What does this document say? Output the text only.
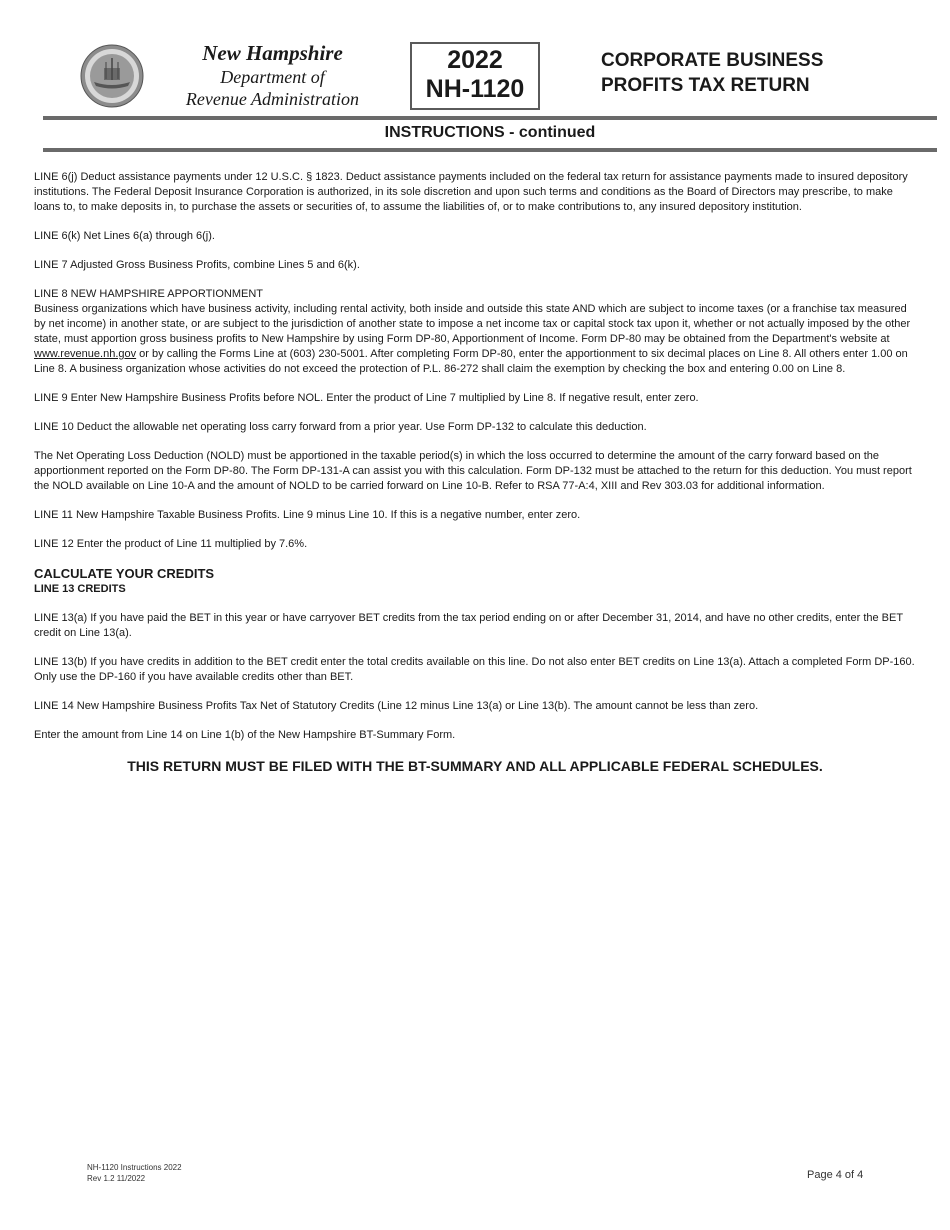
New Hampshire
Department of
Revenue Administration
2022
NH-1120
CORPORATE BUSINESS
PROFITS TAX RETURN
INSTRUCTIONS - continued

LINE 6(j) Deduct assistance payments under 12 U.S.C. § 1823. Deduct assistance payments included on the federal tax return for assistance payments made to insured depository institutions. The Federal Deposit Insurance Corporation is authorized, in its sole discretion and upon such terms and conditions as the Board of Directors may prescribe, to make loans to, to make deposits in, to purchase the assets or securities of, to assume the liabilities of, or to make contributions to, any insured depository institution.

LINE 6(k) Net Lines 6(a) through 6(j).

LINE 7 Adjusted Gross Business Profits, combine Lines 5 and 6(k).

LINE 8 NEW HAMPSHIRE APPORTIONMENT
Business organizations which have business activity, including rental activity, both inside and outside this state AND which are subject to income taxes (or a franchise tax measured by net income) in another state, or are subject to the jurisdiction of another state to impose a net income tax or capital stock tax upon it, whether or not actually imposed by the other state, must apportion gross business profits to New Hampshire by using Form DP-80, Apportionment of Income. Form DP-80 may be obtained from the Department's website at www.revenue.nh.gov or by calling the Forms Line at (603) 230-5001. After completing Form DP-80, enter the apportionment to six decimal places on Line 8. All others enter 1.00 on Line 8. A business organization whose activities do not exceed the protection of P.L. 86-272 shall claim the exemption by checking the box and entering 0.00 on Line 8.

LINE 9 Enter New Hampshire Business Profits before NOL. Enter the product of Line 7 multiplied by Line 8. If negative result, enter zero.

LINE 10 Deduct the allowable net operating loss carry forward from a prior year. Use Form DP-132 to calculate this deduction.

The Net Operating Loss Deduction (NOLD) must be apportioned in the taxable period(s) in which the loss occurred to determine the amount of the carry forward based on the apportionment reported on the Form DP-80. The Form DP-131-A can assist you with this calculation. Form DP-132 must be attached to the return for this deduction. You must report the NOLD available on Line 10-A and the amount of NOLD to be carried forward on Line 10-B. Refer to RSA 77-A:4, XIII and Rev 303.03 for additional information.

LINE 11 New Hampshire Taxable Business Profits. Line 9 minus Line 10. If this is a negative number, enter zero.

LINE 12 Enter the product of Line 11 multiplied by 7.6%.

CALCULATE YOUR CREDITS
LINE 13 CREDITS

LINE 13(a) If you have paid the BET in this year or have carryover BET credits from the tax period ending on or after December 31, 2014, and have no other credits, enter the BET credit on Line 13(a).

LINE 13(b) If you have credits in addition to the BET credit enter the total credits available on this line. Do not also enter BET credits on Line 13(a). Attach a completed Form DP-160. Only use the DP-160 if you have available credits other than BET.

LINE 14 New Hampshire Business Profits Tax Net of Statutory Credits (Line 12 minus Line 13(a) or Line 13(b). The amount cannot be less than zero.

Enter the amount from Line 14 on Line 1(b) of the New Hampshire BT-Summary Form.

THIS RETURN MUST BE FILED WITH THE BT-SUMMARY AND ALL APPLICABLE FEDERAL SCHEDULES.
NH-1120 Instructions 2022
Rev 1.2 11/2022	Page 4 of 4
